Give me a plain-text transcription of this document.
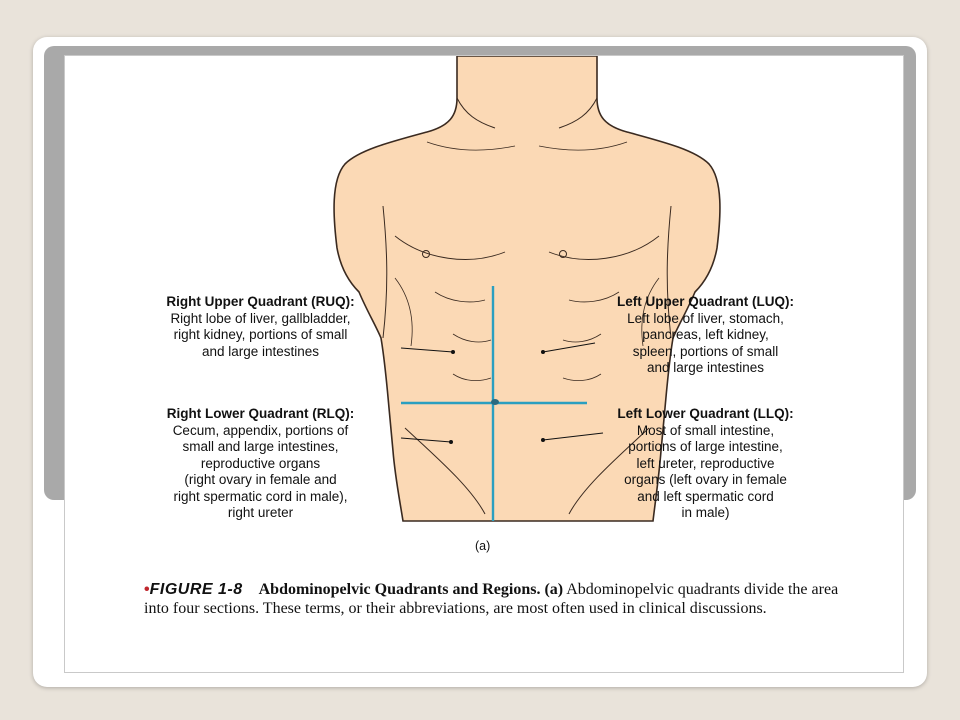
Right Upper Quadrant (RUQ):
Right lobe of liver, gallbladder,
right kidney, portions of small
and large intestines
Left Upper Quadrant (LUQ):
Left lobe of liver, stomach,
pancreas, left kidney,
spleen, portions of small
and large intestines
Right Lower Quadrant (RLQ):
Cecum, appendix, portions of
small and large intestines,
reproductive organs
(right ovary in female and
right spermatic cord in male),
right ureter
Left Lower Quadrant (LLQ):
Most of small intestine,
portions of large intestine,
left ureter, reproductive
organs (left ovary in female
and left spermatic cord
in male)
(a)
•FIGURE 1-8 Abdominopelvic Quadrants and Regions. (a) Abdominopelvic quadrants divide the area into four sections. These terms, or their abbreviations, are most often used in clinical discussions.
